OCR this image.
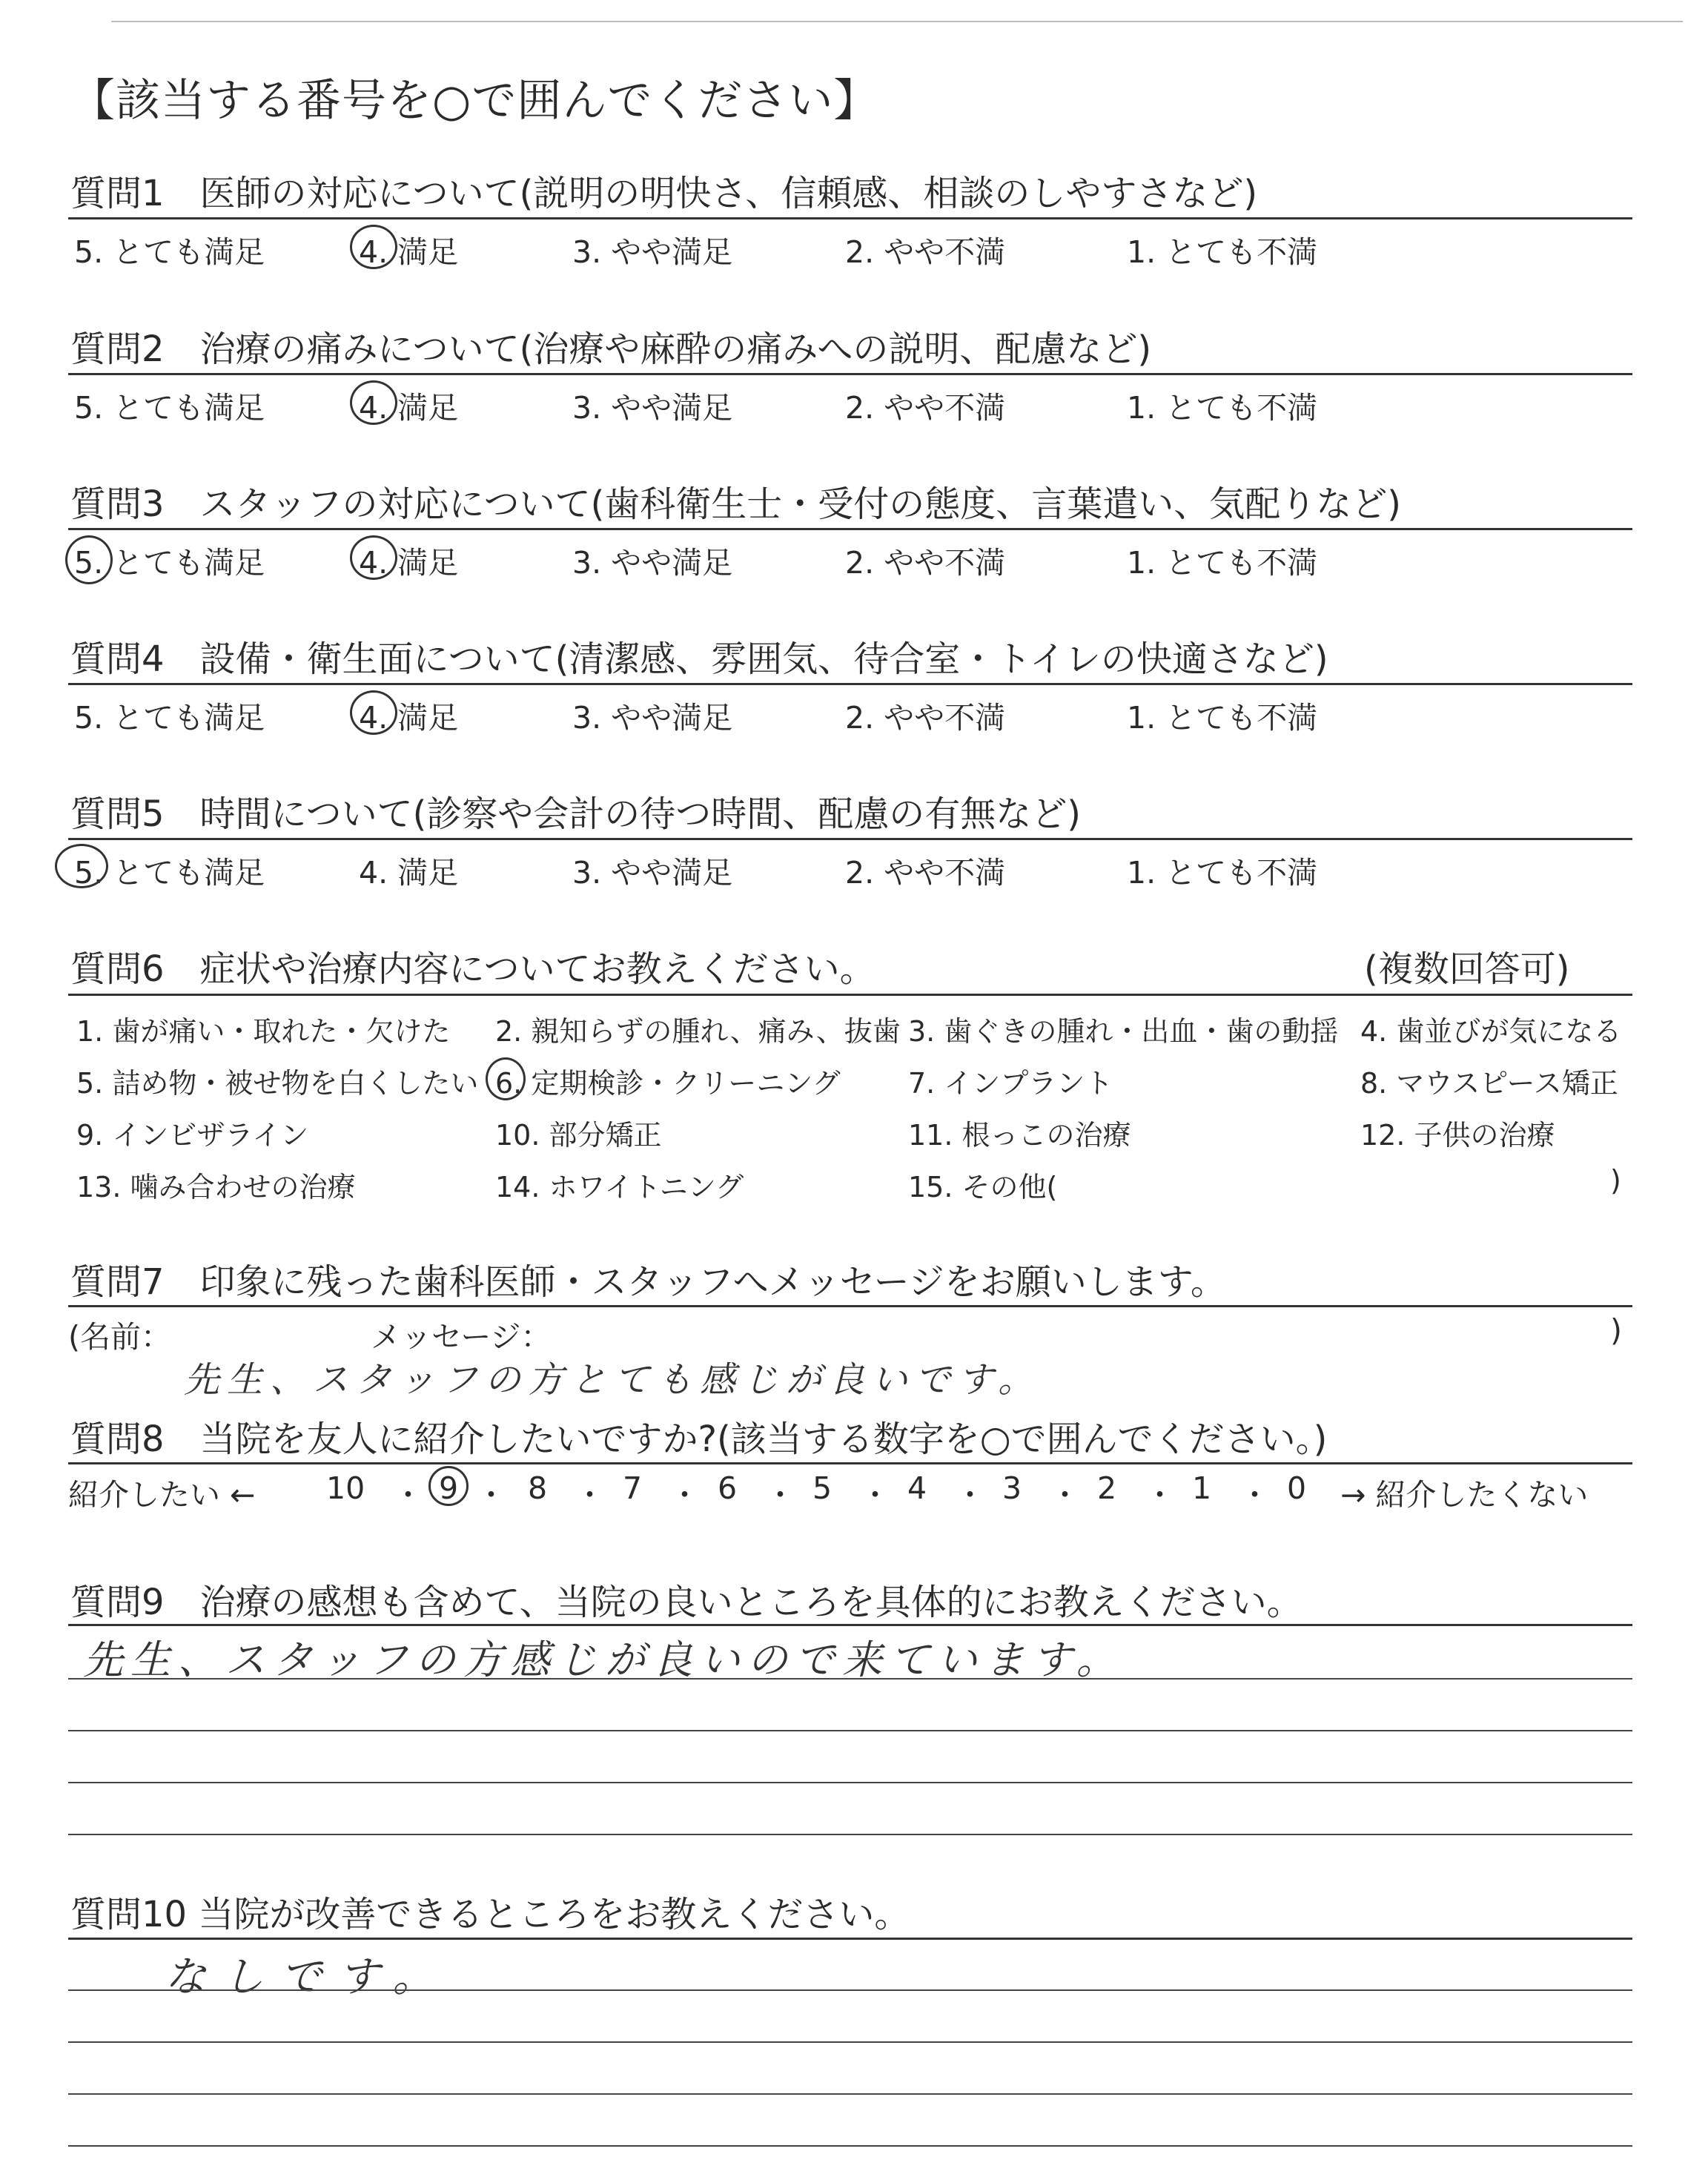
【該当する番号を○で囲んでください】
質問1　医師の対応について(説明の明快さ、信頼感、相談のしやすさなど)
5. とても満足	4. 満足	3. やや満足	2. やや不満	1. とても不満
質問2　治療の痛みについて(治療や麻酔の痛みへの説明、配慮など)
5. とても満足	4. 満足	3. やや満足	2. やや不満	1. とても不満
質問3　スタッフの対応について(歯科衛生士・受付の態度、言葉遣い、気配りなど)
5. とても満足	4. 満足	3. やや満足	2. やや不満	1. とても不満
質問4　設備・衛生面について(清潔感、雰囲気、待合室・トイレの快適さなど)
5. とても満足	4. 満足	3. やや満足	2. やや不満	1. とても不満
質問5　時間について(診察や会計の待つ時間、配慮の有無など)
5. とても満足	4. 満足	3. やや満足	2. やや不満	1. とても不満
質問6　症状や治療内容についてお教えください。	(複数回答可)
1. 歯が痛い・取れた・欠けた 2. 親知らずの腫れ、痛み、抜歯 3. 歯ぐきの腫れ・出血・歯の動揺 4. 歯並びが気になる
5. 詰め物・被せ物を白くしたい 6. 定期検診・クリーニング 7. インプラント	8. マウスピース矯正
9. インビザライン	10. 部分矯正	11. 根っこの治療	12. 子供の治療
13. 噛み合わせの治療	14. ホワイトニング	15. その他(	)
質問7　印象に残った歯科医師・スタッフへメッセージをお願いします。
(名前：	メッセージ：	)
先生、スタッフの方とても感じが良いです。
質問8　当院を友人に紹介したいですか?(該当する数字を○で囲んでください。)
紹介したい ← 10 ・ 9 ・ 8 ・ 7 ・ 6 ・ 5 ・ 4 ・ 3 ・ 2 ・ 1 ・ 0 → 紹介したくない
質問9　治療の感想も含めて、当院の良いところを具体的にお教えください。
先生、スタッフの方感じが良いので来ています。
質問10 当院が改善できるところをお教えください。
なしです。
